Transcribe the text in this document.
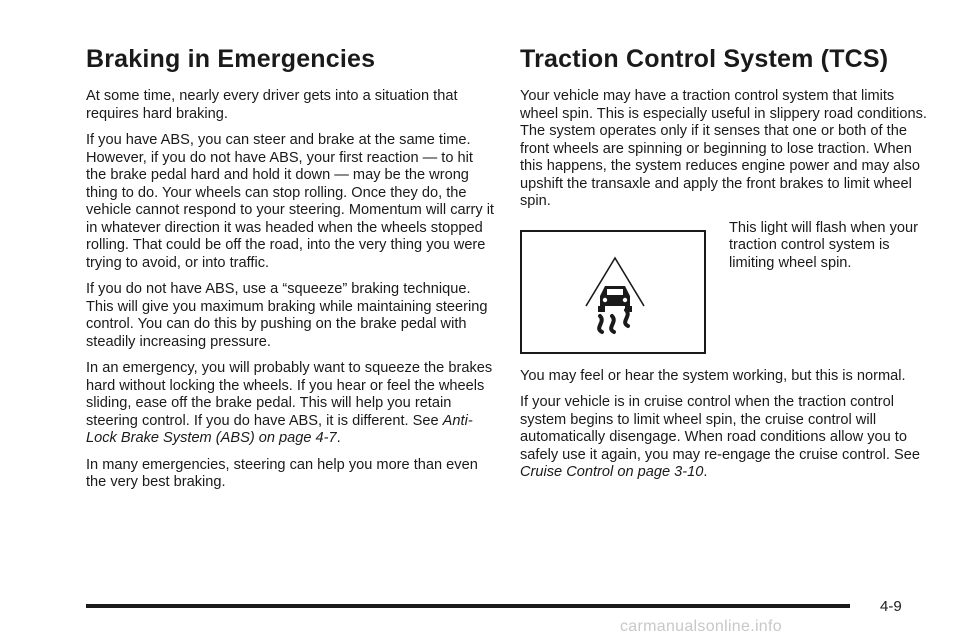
Braking in Emergencies

At some time, nearly every driver gets into a situation that requires hard braking.

If you have ABS, you can steer and brake at the same time. However, if you do not have ABS, your first reaction — to hit the brake pedal hard and hold it down — may be the wrong thing to do. Your wheels can stop rolling. Once they do, the vehicle cannot respond to your steering. Momentum will carry it in whatever direction it was headed when the wheels stopped rolling. That could be off the road, into the very thing you were trying to avoid, or into traffic.

If you do not have ABS, use a “squeeze” braking technique. This will give you maximum braking while maintaining steering control. You can do this by pushing on the brake pedal with steadily increasing pressure.

In an emergency, you will probably want to squeeze the brakes hard without locking the wheels. If you hear or feel the wheels sliding, ease off the brake pedal. This will help you retain steering control. If you do have ABS, it is different. See Anti-Lock Brake System (ABS) on page 4-7.

In many emergencies, steering can help you more than even the very best braking.

Traction Control System (TCS)

Your vehicle may have a traction control system that limits wheel spin. This is especially useful in slippery road conditions. The system operates only if it senses that one or both of the front wheels are spinning or beginning to lose traction. When this happens, the system reduces engine power and may also upshift the transaxle and apply the front brakes to limit wheel spin.

This light will flash when your traction control system is limiting wheel spin.

You may feel or hear the system working, but this is normal.

If your vehicle is in cruise control when the traction control system begins to limit wheel spin, the cruise control will automatically disengage. When road conditions allow you to safely use it again, you may re-engage the cruise control. See Cruise Control on page 3-10.

4-9
carmanualsonline.info
